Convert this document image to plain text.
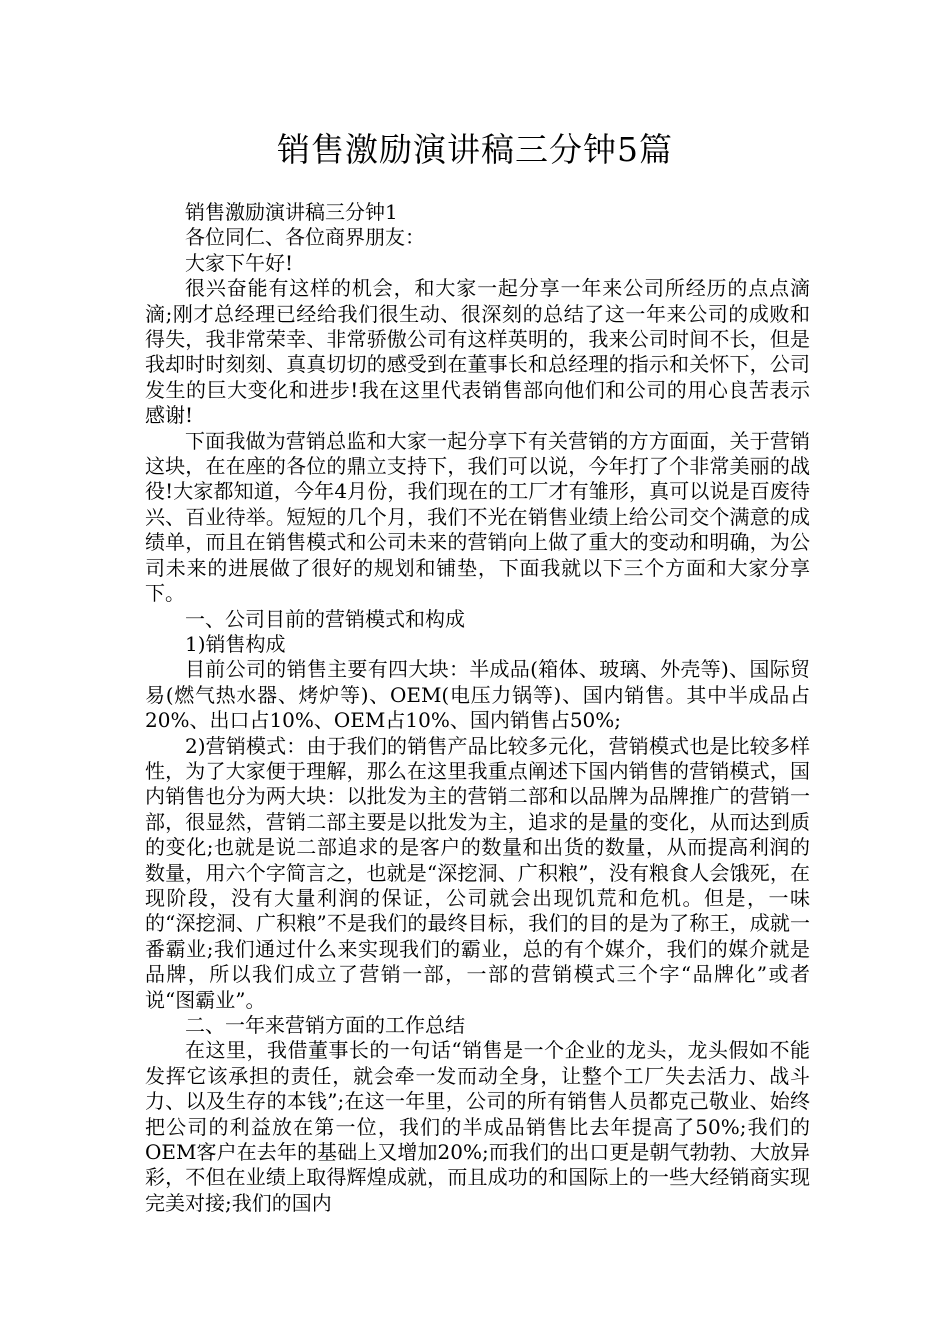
销售激励演讲稿三分钟5篇

销售激励演讲稿三分钟1

各位同仁、各位商界朋友：

大家下午好!

很兴奋能有这样的机会，和大家一起分享一年来公司所经历的点点滴滴;刚才总经理已经给我们很生动、很深刻的总结了这一年来公司的成败和得失，我非常荣幸、非常骄傲公司有这样英明的，我来公司时间不长，但是我却时时刻刻、真真切切的感受到在董事长和总经理的指示和关怀下，公司发生的巨大变化和进步!我在这里代表销售部向他们和公司的用心良苦表示感谢!

下面我做为营销总监和大家一起分享下有关营销的方方面面，关于营销这块，在在座的各位的鼎立支持下，我们可以说，今年打了个非常美丽的战役!大家都知道，今年4月份，我们现在的工厂才有雏形，真可以说是百废待兴、百业待举。短短的几个月，我们不光在销售业绩上给公司交个满意的成绩单，而且在销售模式和公司未来的营销向上做了重大的变动和明确，为公司未来的进展做了很好的规划和铺垫，下面我就以下三个方面和大家分享下。

一、公司目前的营销模式和构成

1)销售构成

目前公司的销售主要有四大块：半成品(箱体、玻璃、外壳等)、国际贸易(燃气热水器、烤炉等)、OEM(电压力锅等)、国内销售。其中半成品占20%、出口占10%、OEM占10%、国内销售占50%;

2)营销模式：由于我们的销售产品比较多元化，营销模式也是比较多样性，为了大家便于理解，那么在这里我重点阐述下国内销售的营销模式，国内销售也分为两大块：以批发为主的营销二部和以品牌为品牌推广的营销一部，很显然，营销二部主要是以批发为主，追求的是量的变化，从而达到质的变化;也就是说二部追求的是客户的数量和出货的数量，从而提高利润的数量，用六个字简言之，也就是“深挖洞、广积粮”，没有粮食人会饿死，在现阶段，没有大量利润的保证，公司就会出现饥荒和危机。但是，一味的“深挖洞、广积粮”不是我们的最终目标，我们的目的是为了称王，成就一番霸业;我们通过什么来实现我们的霸业，总的有个媒介，我们的媒介就是品牌，所以我们成立了营销一部，一部的营销模式三个字“品牌化”或者说“图霸业”。

二、一年来营销方面的工作总结

在这里，我借董事长的一句话“销售是一个企业的龙头，龙头假如不能发挥它该承担的责任，就会牵一发而动全身，让整个工厂失去活力、战斗力、以及生存的本钱”;在这一年里，公司的所有销售人员都克己敬业、始终把公司的利益放在第一位，我们的半成品销售比去年提高了50%;我们的OEM客户在去年的基础上又增加20%;而我们的出口更是朝气勃勃、大放异彩，不但在业绩上取得辉煌成就，而且成功的和国际上的一些大经销商实现完美对接;我们的国内
